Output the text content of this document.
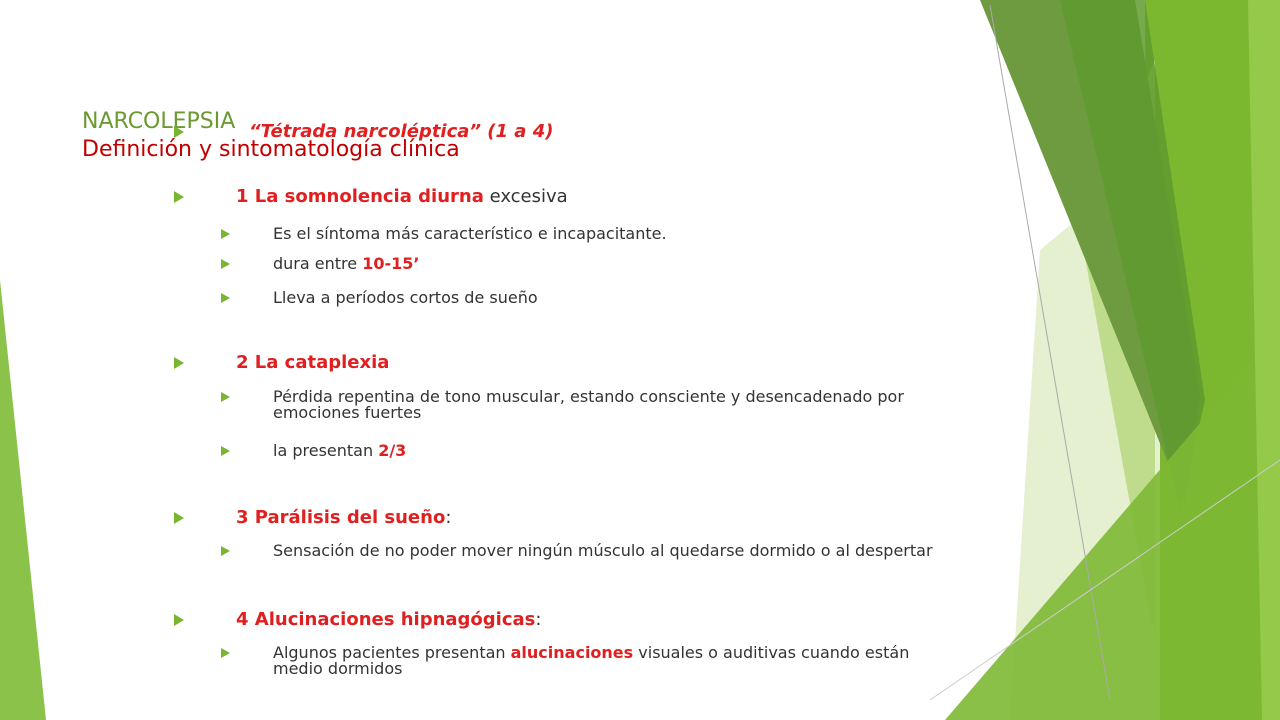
NARCOLEPSIA
Definición y sintomatología clínica
“Tétrada narcoléptica” (1 a 4)
1 La somnolencia diurna excesiva
Es el síntoma más característico e incapacitante.
dura entre 10-15’
Lleva a períodos cortos de sueño
2 La cataplexia
Pérdida repentina de tono muscular, estando consciente y desencadenado por
emociones fuertes
la presentan 2/3
3 Parálisis del sueño:
Sensación de no poder mover ningún músculo al quedarse dormido o al despertar
4 Alucinaciones hipnagógicas:
Algunos pacientes presentan alucinaciones visuales o auditivas cuando están
medio dormidos
